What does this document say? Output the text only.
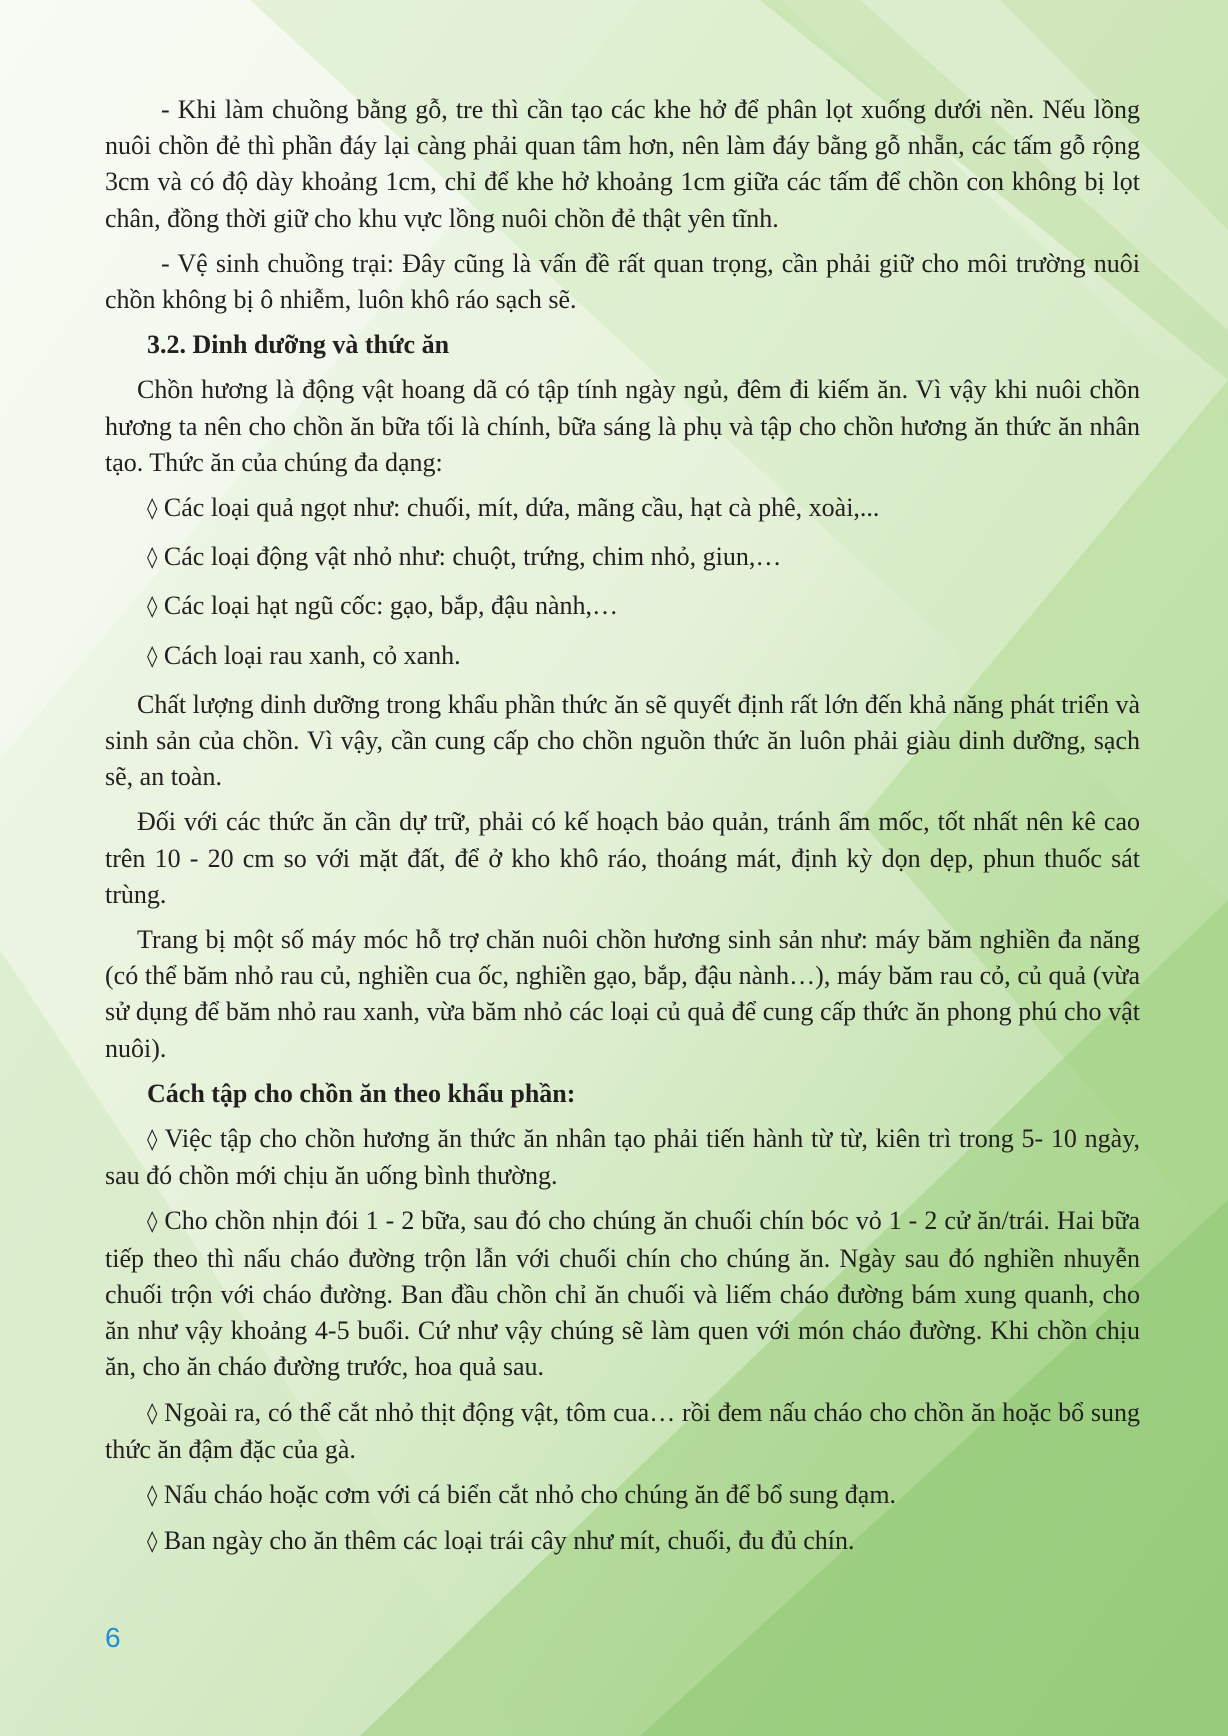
- Khi làm chuồng bằng gỗ, tre thì cần tạo các khe hở để phân lọt xuống dưới nền. Nếu lồng nuôi chồn đẻ thì phần đáy lại càng phải quan tâm hơn, nên làm đáy bằng gỗ nhẵn, các tấm gỗ rộng 3cm và có độ dày khoảng 1cm, chỉ để khe hở khoảng 1cm giữa các tấm để chồn con không bị lọt chân, đồng thời giữ cho khu vực lồng nuôi chồn đẻ thật yên tĩnh.

- Vệ sinh chuồng trại: Đây cũng là vấn đề rất quan trọng, cần phải giữ cho môi trường nuôi chồn không bị ô nhiễm, luôn khô ráo sạch sẽ.

3.2. Dinh dưỡng và thức ăn

Chồn hương là động vật hoang dã có tập tính ngày ngủ, đêm đi kiếm ăn. Vì vậy khi nuôi chồn hương ta nên cho chồn ăn bữa tối là chính, bữa sáng là phụ và tập cho chồn hương ăn thức ăn nhân tạo. Thức ăn của chúng đa dạng:

◊ Các loại quả ngọt như: chuối, mít, dứa, mãng cầu, hạt cà phê, xoài,...

◊ Các loại động vật nhỏ như: chuột, trứng, chim nhỏ, giun,…

◊ Các loại hạt ngũ cốc: gạo, bắp, đậu nành,…

◊ Cách loại rau xanh, cỏ xanh.

Chất lượng dinh dưỡng trong khẩu phần thức ăn sẽ quyết định rất lớn đến khả năng phát triển và sinh sản của chồn. Vì vậy, cần cung cấp cho chồn nguồn thức ăn luôn phải giàu dinh dưỡng, sạch sẽ, an toàn.

Đối với các thức ăn cần dự trữ, phải có kế hoạch bảo quản, tránh ẩm mốc, tốt nhất nên kê cao trên 10 - 20 cm so với mặt đất, để ở kho khô ráo, thoáng mát, định kỳ dọn dẹp, phun thuốc sát trùng.

Trang bị một số máy móc hỗ trợ chăn nuôi chồn hương sinh sản như: máy băm nghiền đa năng (có thể băm nhỏ rau củ, nghiền cua ốc, nghiền gạo, bắp, đậu nành…), máy băm rau cỏ, củ quả (vừa sử dụng để băm nhỏ rau xanh, vừa băm nhỏ các loại củ quả để cung cấp thức ăn phong phú cho vật nuôi).

Cách tập cho chồn ăn theo khẩu phần:

◊ Việc tập cho chồn hương ăn thức ăn nhân tạo phải tiến hành từ từ, kiên trì trong 5- 10 ngày, sau đó chồn mới chịu ăn uống bình thường.

◊ Cho chồn nhịn đói 1 - 2 bữa, sau đó cho chúng ăn chuối chín bóc vỏ 1 - 2 cử ăn/trái. Hai bữa tiếp theo thì nấu cháo đường trộn lẫn với chuối chín cho chúng ăn. Ngày sau đó nghiền nhuyễn chuối trộn với cháo đường. Ban đầu chồn chỉ ăn chuối và liếm cháo đường bám xung quanh, cho ăn như vậy khoảng 4-5 buổi. Cứ như vậy chúng sẽ làm quen với món cháo đường. Khi chồn chịu ăn, cho ăn cháo đường trước, hoa quả sau.

◊ Ngoài ra, có thể cắt nhỏ thịt động vật, tôm cua… rồi đem nấu cháo cho chồn ăn hoặc bổ sung thức ăn đậm đặc của gà.

◊ Nấu cháo hoặc cơm với cá biển cắt nhỏ cho chúng ăn để bổ sung đạm.

◊ Ban ngày cho ăn thêm các loại trái cây như mít, chuối, đu đủ chín.

6
